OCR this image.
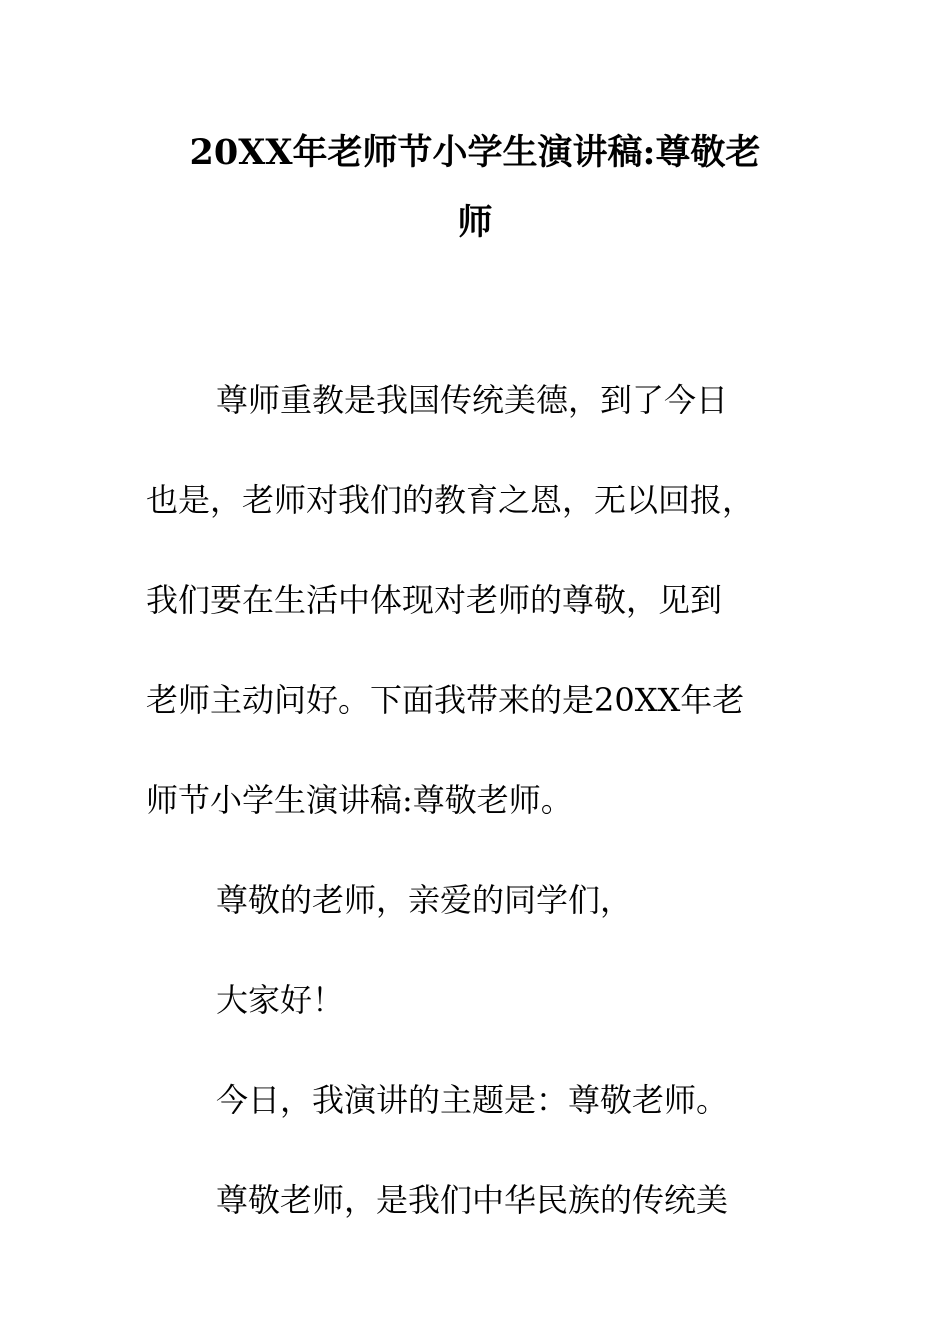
20XX年老师节小学生演讲稿:尊敬老
师

尊师重教是我国传统美德，到了今日

也是，老师对我们的教育之恩，无以回报，

我们要在生活中体现对老师的尊敬，见到

老师主动问好。下面我带来的是20XX年老

师节小学生演讲稿:尊敬老师。

尊敬的老师，亲爱的同学们，

大家好！

今日，我演讲的主题是：尊敬老师。

尊敬老师，是我们中华民族的传统美
